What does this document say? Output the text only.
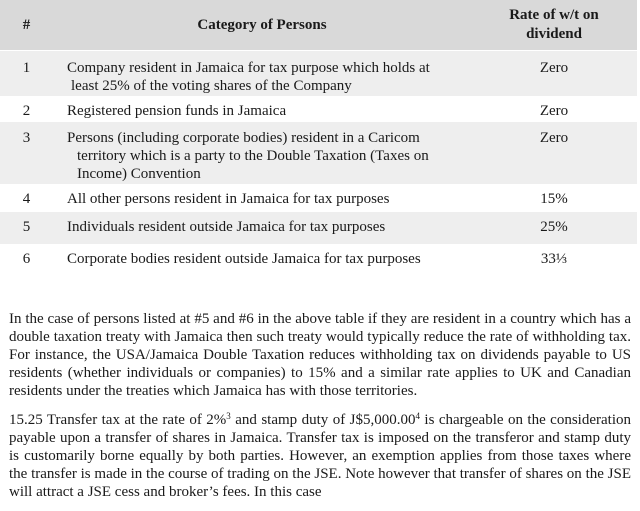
#	Category of Persons	Rate of w/t on dividend
1	Company resident in Jamaica for tax purpose which holds at

least 25% of the voting shares of the Company	Zero
2	Registered pension funds in Jamaica	Zero
3	Persons (including corporate bodies) resident in a Caricom

territory which is a party to the Double Taxation (Taxes on
Income) Convention	Zero
4	All other persons resident in Jamaica for tax purposes	15%
5	Individuals resident outside Jamaica for tax purposes	25%
6	Corporate bodies resident outside Jamaica for tax purposes	33⅓

In the case of persons listed at #5 and #6 in the above table if they are resident in a country which has a double taxation treaty with Jamaica then such treaty would typically reduce the rate of withholding tax. For instance, the USA/Jamaica Double Taxation reduces withholding tax on dividends payable to US residents (whether individuals or companies) to 15% and a similar rate applies to UK and Canadian residents under the treaties which Jamaica has with those territories.

15.25 Transfer tax at the rate of 2%$^3$ and stamp duty of J$5,000.00$^4$ is chargeable on the consideration payable upon a transfer of shares in Jamaica. Transfer tax is imposed on the transferor and stamp duty is customarily borne equally by both parties. However, an exemption applies from those taxes where the transfer is made in the course of trading on the JSE. Note however that transfer of shares on the JSE will attract a JSE cess and broker’s fees. In this case
